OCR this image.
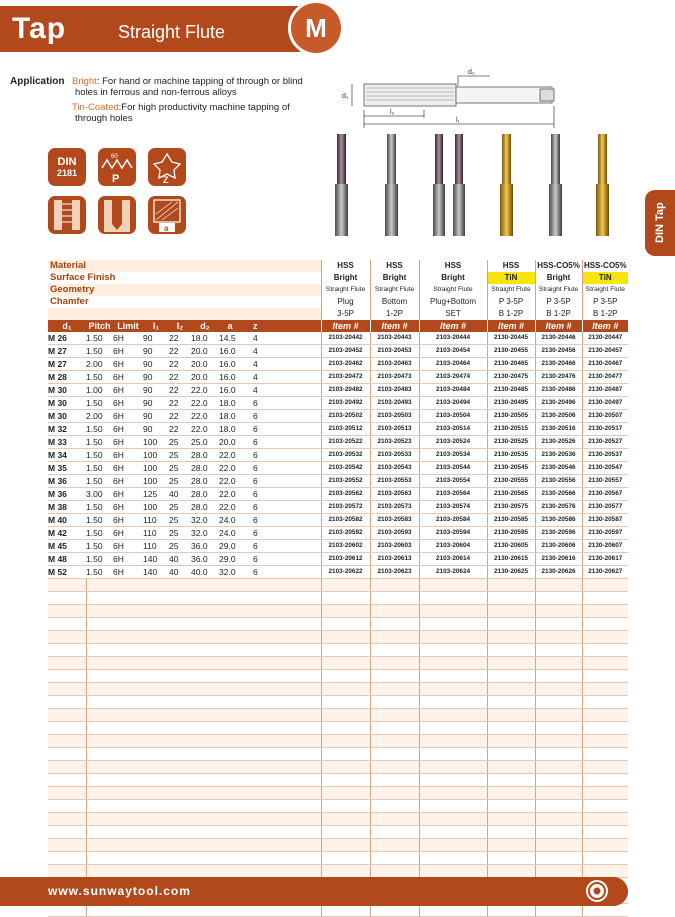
Tap	Straight Flute	M
Application Bright: For hand or machine tapping of through or blind
holes in ferrous and non-ferrous alloys
Tin-Coated:For high productivity machine tapping of
through holes
d₂
d₁
l₂
l₁
DIN
2181
60
P	Z
a	DIN Tap
Material								HSS	HSS	HSS	HSS	HSS-CO5%	HSS-CO5%
Surface Finish								Bright	Bright	Bright	TiN	Bright	TiN
Geometry								Straight Flute	Straight Flute	Straight Flute	Straight Flute	Straight Flute	Straight Flute
Chamfer								Plug	Bottom	Plug+Bottom	P 3-5P	P 3-5P	P 3-5P
								3-5P	1-2P	SET	B 1-2P	B 1-2P	B 1-2P
d₁	Pitch	Limit	l₁	l₂	d₂	a	z	Item #	Item #	Item #	Item #	Item #	Item #
M 26	1.50	6H	90	22	18.0	14.5	4	2103-20442	2103-20443	2103-20444	2130-20445	2130-20446	2130-20447
M 27	1.50	6H	90	22	20.0	16.0	4	2103-20452	2103-20453	2103-20454	2130-20455	2130-20456	2130-20457
M 27	2.00	6H	90	22	20.0	16.0	4	2103-20462	2103-20463	2103-20464	2130-20465	2130-20466	2130-20467
M 28	1.50	6H	90	22	20.0	16.0	4	2103-20472	2103-20473	2103-20474	2130-20475	2130-20476	2130-20477
M 30	1.00	6H	90	22	22.0	16.0	4	2103-20482	2103-20483	2103-20484	2130-20485	2130-20486	2130-20487
M 30	1.50	6H	90	22	22.0	18.0	6	2103-20492	2103-20493	2103-20494	2130-20495	2130-20496	2130-20497
M 30	2.00	6H	90	22	22.0	18.0	6	2103-20502	2103-20503	2103-20504	2130-20505	2130-20506	2130-20507
M 32	1.50	6H	90	22	22.0	18.0	6	2103-20512	2103-20513	2103-20514	2130-20515	2130-20516	2130-20517
M 33	1.50	6H	100	25	25.0	20.0	6	2103-20522	2103-20523	2103-20524	2130-20525	2130-20526	2130-20527
M 34	1.50	6H	100	25	28.0	22.0	6	2103-20532	2103-20533	2103-20534	2130-20535	2130-20536	2130-20537
M 35	1.50	6H	100	25	28.0	22.0	6	2103-20542	2103-20543	2103-20544	2130-20545	2130-20546	2130-20547
M 36	1.50	6H	100	25	28.0	22.0	6	2103-20552	2103-20553	2103-20554	2130-20555	2130-20556	2130-20557
M 36	3.00	6H	125	40	28.0	22.0	6	2103-20562	2103-20563	2103-20564	2130-20565	2130-20566	2130-20567
M 38	1.50	6H	100	25	28.0	22.0	6	2103-20572	2103-20573	2103-20574	2130-20575	2130-20576	2130-20577
M 40	1.50	6H	110	25	32.0	24.0	6	2103-20582	2103-20583	2103-20584	2130-20585	2130-20586	2130-20587
M 42	1.50	6H	110	25	32.0	24.0	6	2103-20592	2103-20593	2103-20594	2130-20595	2130-20596	2130-20597
M 45	1.50	6H	110	25	36.0	29.0	6	2103-20602	2103-20603	2103-20604	2130-20605	2130-20606	2130-20607
M 48	1.50	6H	140	40	36.0	29.0	6	2103-20612	2103-20613	2103-20614	2130-20615	2130-20616	2130-20617
M 52	1.50	6H	140	40	40.0	32.0	6	2103-20622	2103-20623	2103-20624	2130-20625	2130-20626	2130-20627

www.sunwaytool.com
